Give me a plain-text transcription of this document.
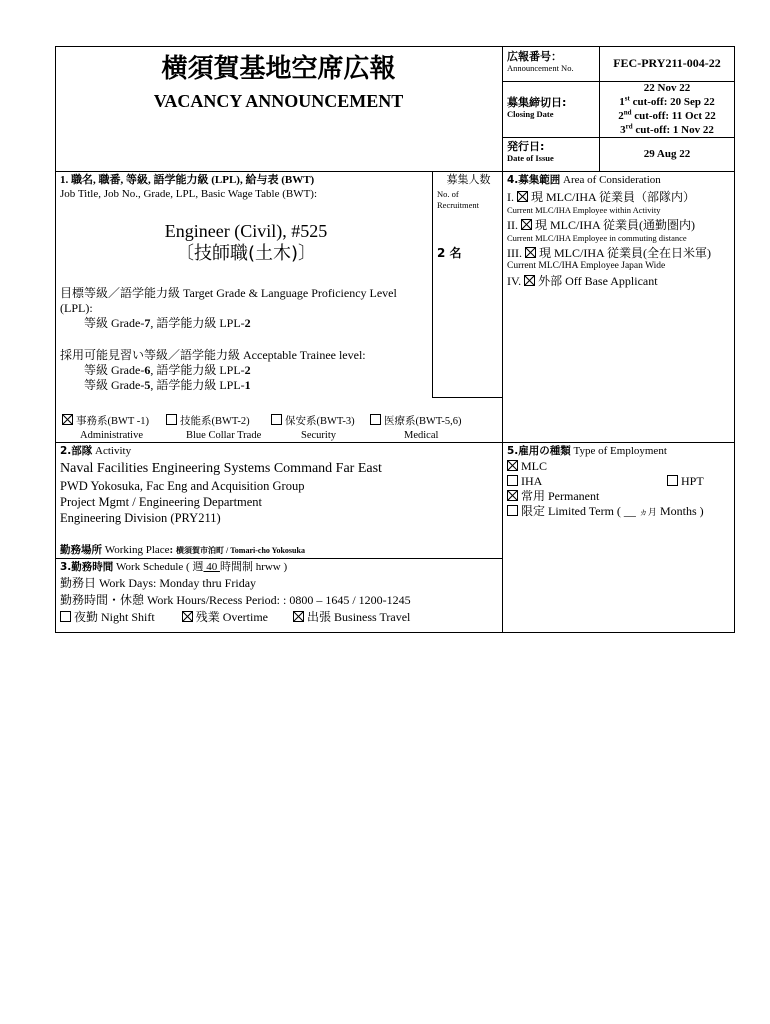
横須賀基地空席広報
VACANCY ANNOUNCEMENT
広報番号：
Announcement No.	FEC-PRY211-004-22
募集締切日:
Closing Date
22 Nov 22
1st cut-off: 20 Sep 22
2nd cut-off: 11 Oct 22
3rd cut-off: 1 Nov 22
発行日:
Date of Issue	29 Aug 22
1. 職名, 職番, 等級, 語学能力級 (LPL), 給与表 (BWT)
Job Title, Job No., Grade, LPL, Basic Wage Table (BWT):
Engineer (Civil), #525
〔技師職(土木)〕
目標等級／語学能力級 Target Grade & Language Proficiency Level
(LPL):
等級 Grade-7, 語学能力級 LPL-2
採用可能見習い等級／語学能力級 Acceptable Trainee level:
等級 Grade-6, 語学能力級 LPL-2
等級 Grade-5, 語学能力級 LPL-1
事務系(BWT -1)
Administrative
技能系(BWT-2)
Blue Collar Trade
保安系(BWT-3)
Security
医療系(BWT-5,6)
Medical
募集人数
No. of
Recruitment
2 名
4.募集範囲 Area of Consideration
I. 現 MLC/IHA 従業員（部隊内）
Current MLC/IHA Employee within Activity
II. 現 MLC/IHA 従業員(通勤圏内)
Current MLC/IHA Employee in commuting distance
III. 現 MLC/IHA 従業員(全在日米軍)
Current MLC/IHA Employee Japan Wide
IV. 外部 Off Base Applicant
2.部隊 Activity
Naval Facilities Engineering Systems Command Far East
PWD Yokosuka, Fac Eng and Acquisition Group
Project Mgmt / Engineering Department
Engineering Division (PRY211)
勤務場所 Working Place: 横須賀市泊町 / Tomari-cho Yokosuka
3.勤務時間 Work Schedule ( 週 40 時間制 hrww )
勤務日 Work Days: Monday thru Friday
勤務時間・休憩 Work Hours/Recess Period: : 0800 – 1645 / 1200-1245
夜勤 Night Shift	残業 Overtime	出張 Business Travel
5.雇用の種類 Type of Employment
MLC
IHA	HPT
常用 Permanent
限定 Limited Term ( __ ヵ月 Months )
